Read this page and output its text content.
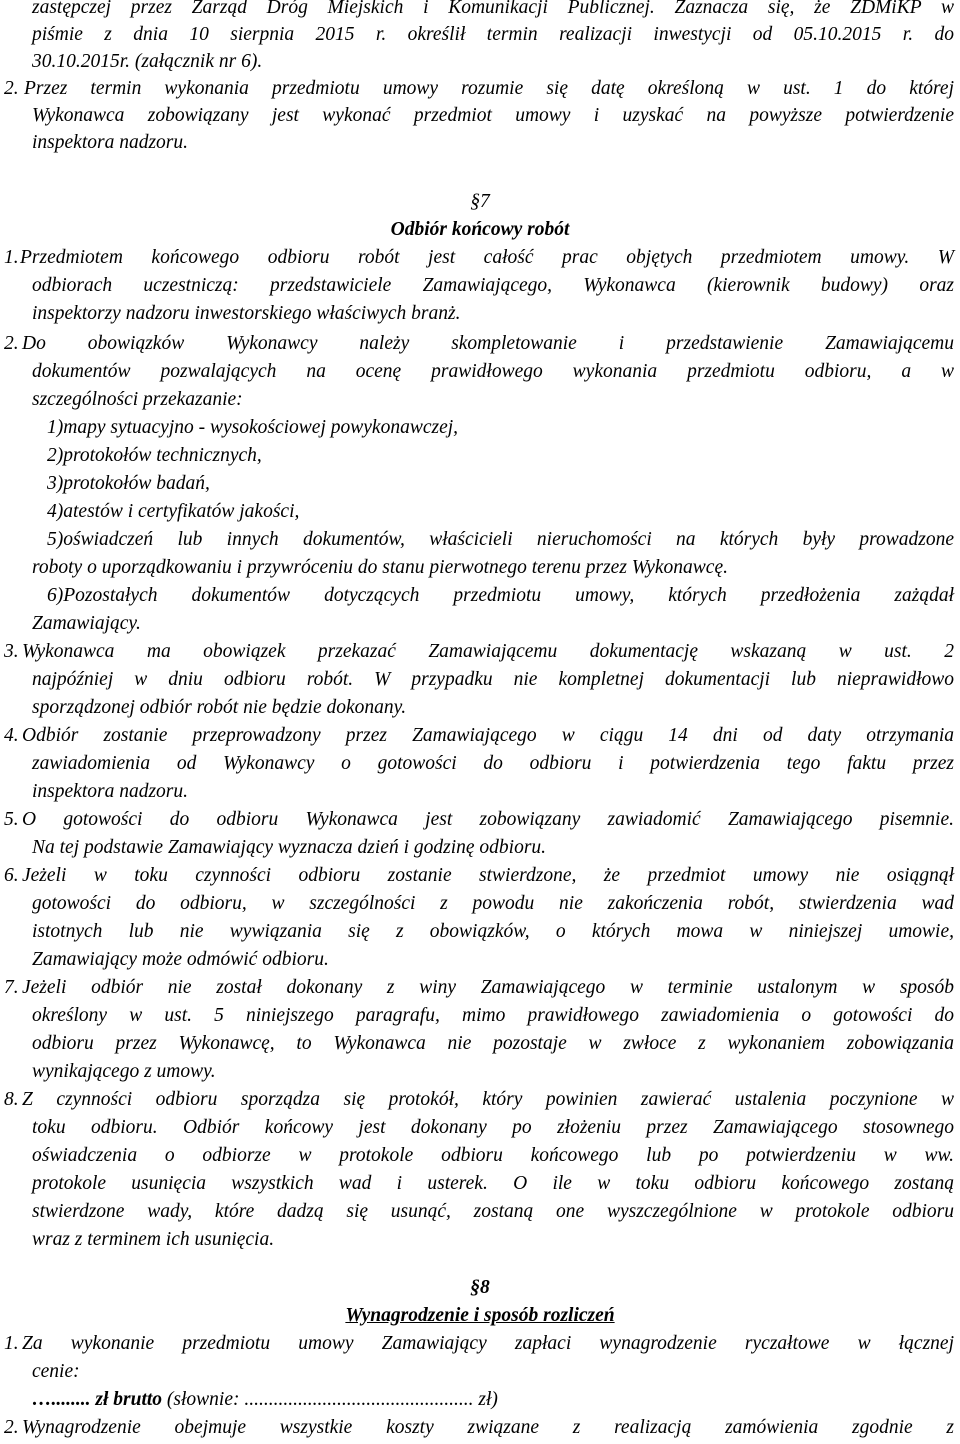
zastępczej przez Zarząd Dróg Miejskich i Komunikacji Publicznej. Zaznacza się, że ZDMiKP w
piśmie z dnia 10 sierpnia 2015 r. określił termin realizacji inwestycji od 05.10.2015 r. do
30.10.2015r. (załącznik nr 6).
2. Przez termin wykonania przedmiotu umowy rozumie się datę określoną w ust. 1 do której
Wykonawca zobowiązany jest wykonać przedmiot umowy i uzyskać na powyższe potwierdzenie
inspektora nadzoru.
§7
Odbiór końcowy robót
1. Przedmiotem końcowego odbioru robót jest całość prac objętych przedmiotem umowy. W
odbiorach uczestniczą: przedstawiciele Zamawiającego, Wykonawca (kierownik budowy) oraz
inspektorzy nadzoru inwestorskiego właściwych branż.
2. Do obowiązków Wykonawcy należy skompletowanie i przedstawienie Zamawiającemu
dokumentów pozwalających na ocenę prawidłowego wykonania przedmiotu odbioru, a w
szczególności przekazanie:
1)mapy sytuacyjno - wysokościowej powykonawczej,
2)protokołów technicznych,
3)protokołów badań,
4)atestów i certyfikatów jakości,
5)oświadczeń lub innych dokumentów, właścicieli nieruchomości na których były prowadzone
roboty o uporządkowaniu i przywróceniu do stanu pierwotnego terenu przez Wykonawcę.
6)Pozostałych dokumentów dotyczących przedmiotu umowy, których przedłożenia zażądał
Zamawiający.
3. Wykonawca ma obowiązek przekazać Zamawiającemu dokumentację wskazaną w ust. 2
najpóźniej w dniu odbioru robót. W przypadku nie kompletnej dokumentacji lub nieprawidłowo
sporządzonej odbiór robót nie będzie dokonany.
4. Odbiór zostanie przeprowadzony przez Zamawiającego w ciągu 14 dni od daty otrzymania
zawiadomienia od Wykonawcy o gotowości do odbioru i potwierdzenia tego faktu przez
inspektora nadzoru.
5. O gotowości do odbioru Wykonawca jest zobowiązany zawiadomić Zamawiającego pisemnie.
Na tej podstawie Zamawiający wyznacza dzień i godzinę odbioru.
6. Jeżeli w toku czynności odbioru zostanie stwierdzone, że przedmiot umowy nie osiągnął
gotowości do odbioru, w szczególności z powodu nie zakończenia robót, stwierdzenia wad
istotnych lub nie wywiązania się z obowiązków, o których mowa w niniejszej umowie,
Zamawiający może odmówić odbioru.
7. Jeżeli odbiór nie został dokonany z winy Zamawiającego w terminie ustalonym w sposób
określony w ust. 5 niniejszego paragrafu, mimo prawidłowego zawiadomienia o gotowości do
odbioru przez Wykonawcę, to Wykonawca nie pozostaje w zwłoce z wykonaniem zobowiązania
wynikającego z umowy.
8. Z czynności odbioru sporządza się protokół, który powinien zawierać ustalenia poczynione w
toku odbioru. Odbiór końcowy jest dokonany po złożeniu przez Zamawiającego stosownego
oświadczenia o odbiorze w protokole odbioru końcowego lub po potwierdzeniu w ww.
protokole usunięcia wszystkich wad i usterek. O ile w toku odbioru końcowego zostaną
stwierdzone wady, które dadzą się usunąć, zostaną one wyszczególnione w protokole odbioru
wraz z terminem ich usunięcia.
§8
Wynagrodzenie i sposób rozliczeń
1. Za wykonanie przedmiotu umowy Zamawiający zapłaci wynagrodzenie ryczałtowe w łącznej
cenie:
…........ zł brutto (słownie: ............................................... zł)
2. Wynagrodzenie obejmuje wszystkie koszty związane z realizacją zamówienia zgodnie z
